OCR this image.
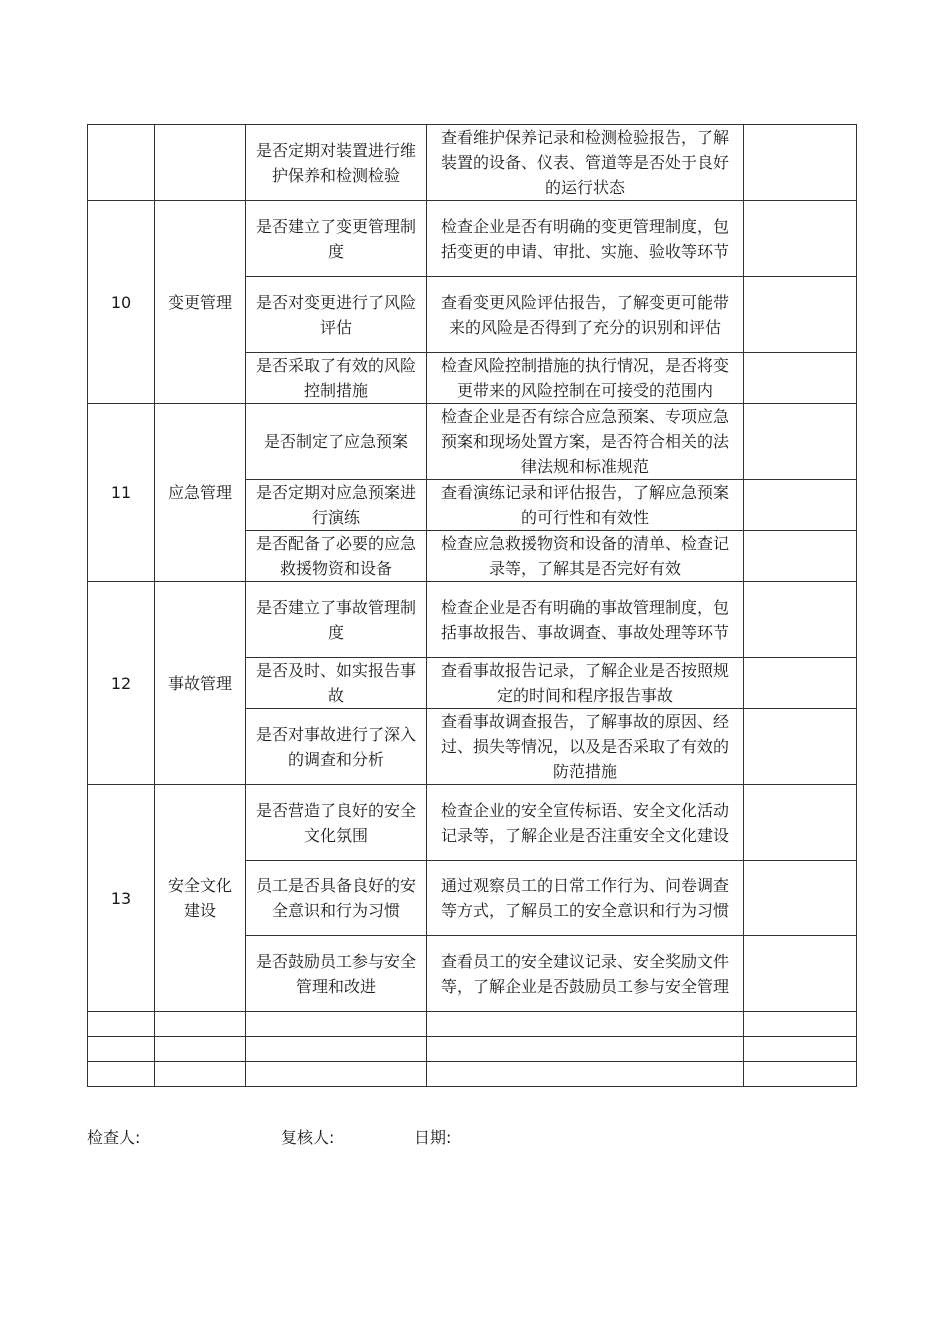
		是否定期对装置进行维护保养和检测检验	查看维护保养记录和检测检验报告，了解装置的设备、仪表、管道等是否处于良好的运行状态	
10	变更管理	是否建立了变更管理制度	检查企业是否有明确的变更管理制度，包括变更的申请、审批、实施、验收等环节	
		是否对变更进行了风险评估	查看变更风险评估报告，了解变更可能带来的风险是否得到了充分的识别和评估	
		是否采取了有效的风险控制措施	检查风险控制措施的执行情况，是否将变更带来的风险控制在可接受的范围内	
11	应急管理	是否制定了应急预案	检查企业是否有综合应急预案、专项应急预案和现场处置方案，是否符合相关的法律法规和标准规范	
		是否定期对应急预案进行演练	查看演练记录和评估报告，了解应急预案的可行性和有效性	
		是否配备了必要的应急救援物资和设备	检查应急救援物资和设备的清单、检查记录等，了解其是否完好有效	
12	事故管理	是否建立了事故管理制度	检查企业是否有明确的事故管理制度，包括事故报告、事故调查、事故处理等环节	
		是否及时、如实报告事故	查看事故报告记录，了解企业是否按照规定的时间和程序报告事故	
		是否对事故进行了深入的调查和分析	查看事故调查报告，了解事故的原因、经过、损失等情况，以及是否采取了有效的防范措施	
13	安全文化建设	是否营造了良好的安全文化氛围	检查企业的安全宣传标语、安全文化活动记录等，了解企业是否注重安全文化建设	
		员工是否具备良好的安全意识和行为习惯	通过观察员工的日常工作行为、问卷调查等方式，了解员工的安全意识和行为习惯	
		是否鼓励员工参与安全管理和改进	查看员工的安全建议记录、安全奖励文件等，了解企业是否鼓励员工参与安全管理	

检查人:	复核人:	日期:
